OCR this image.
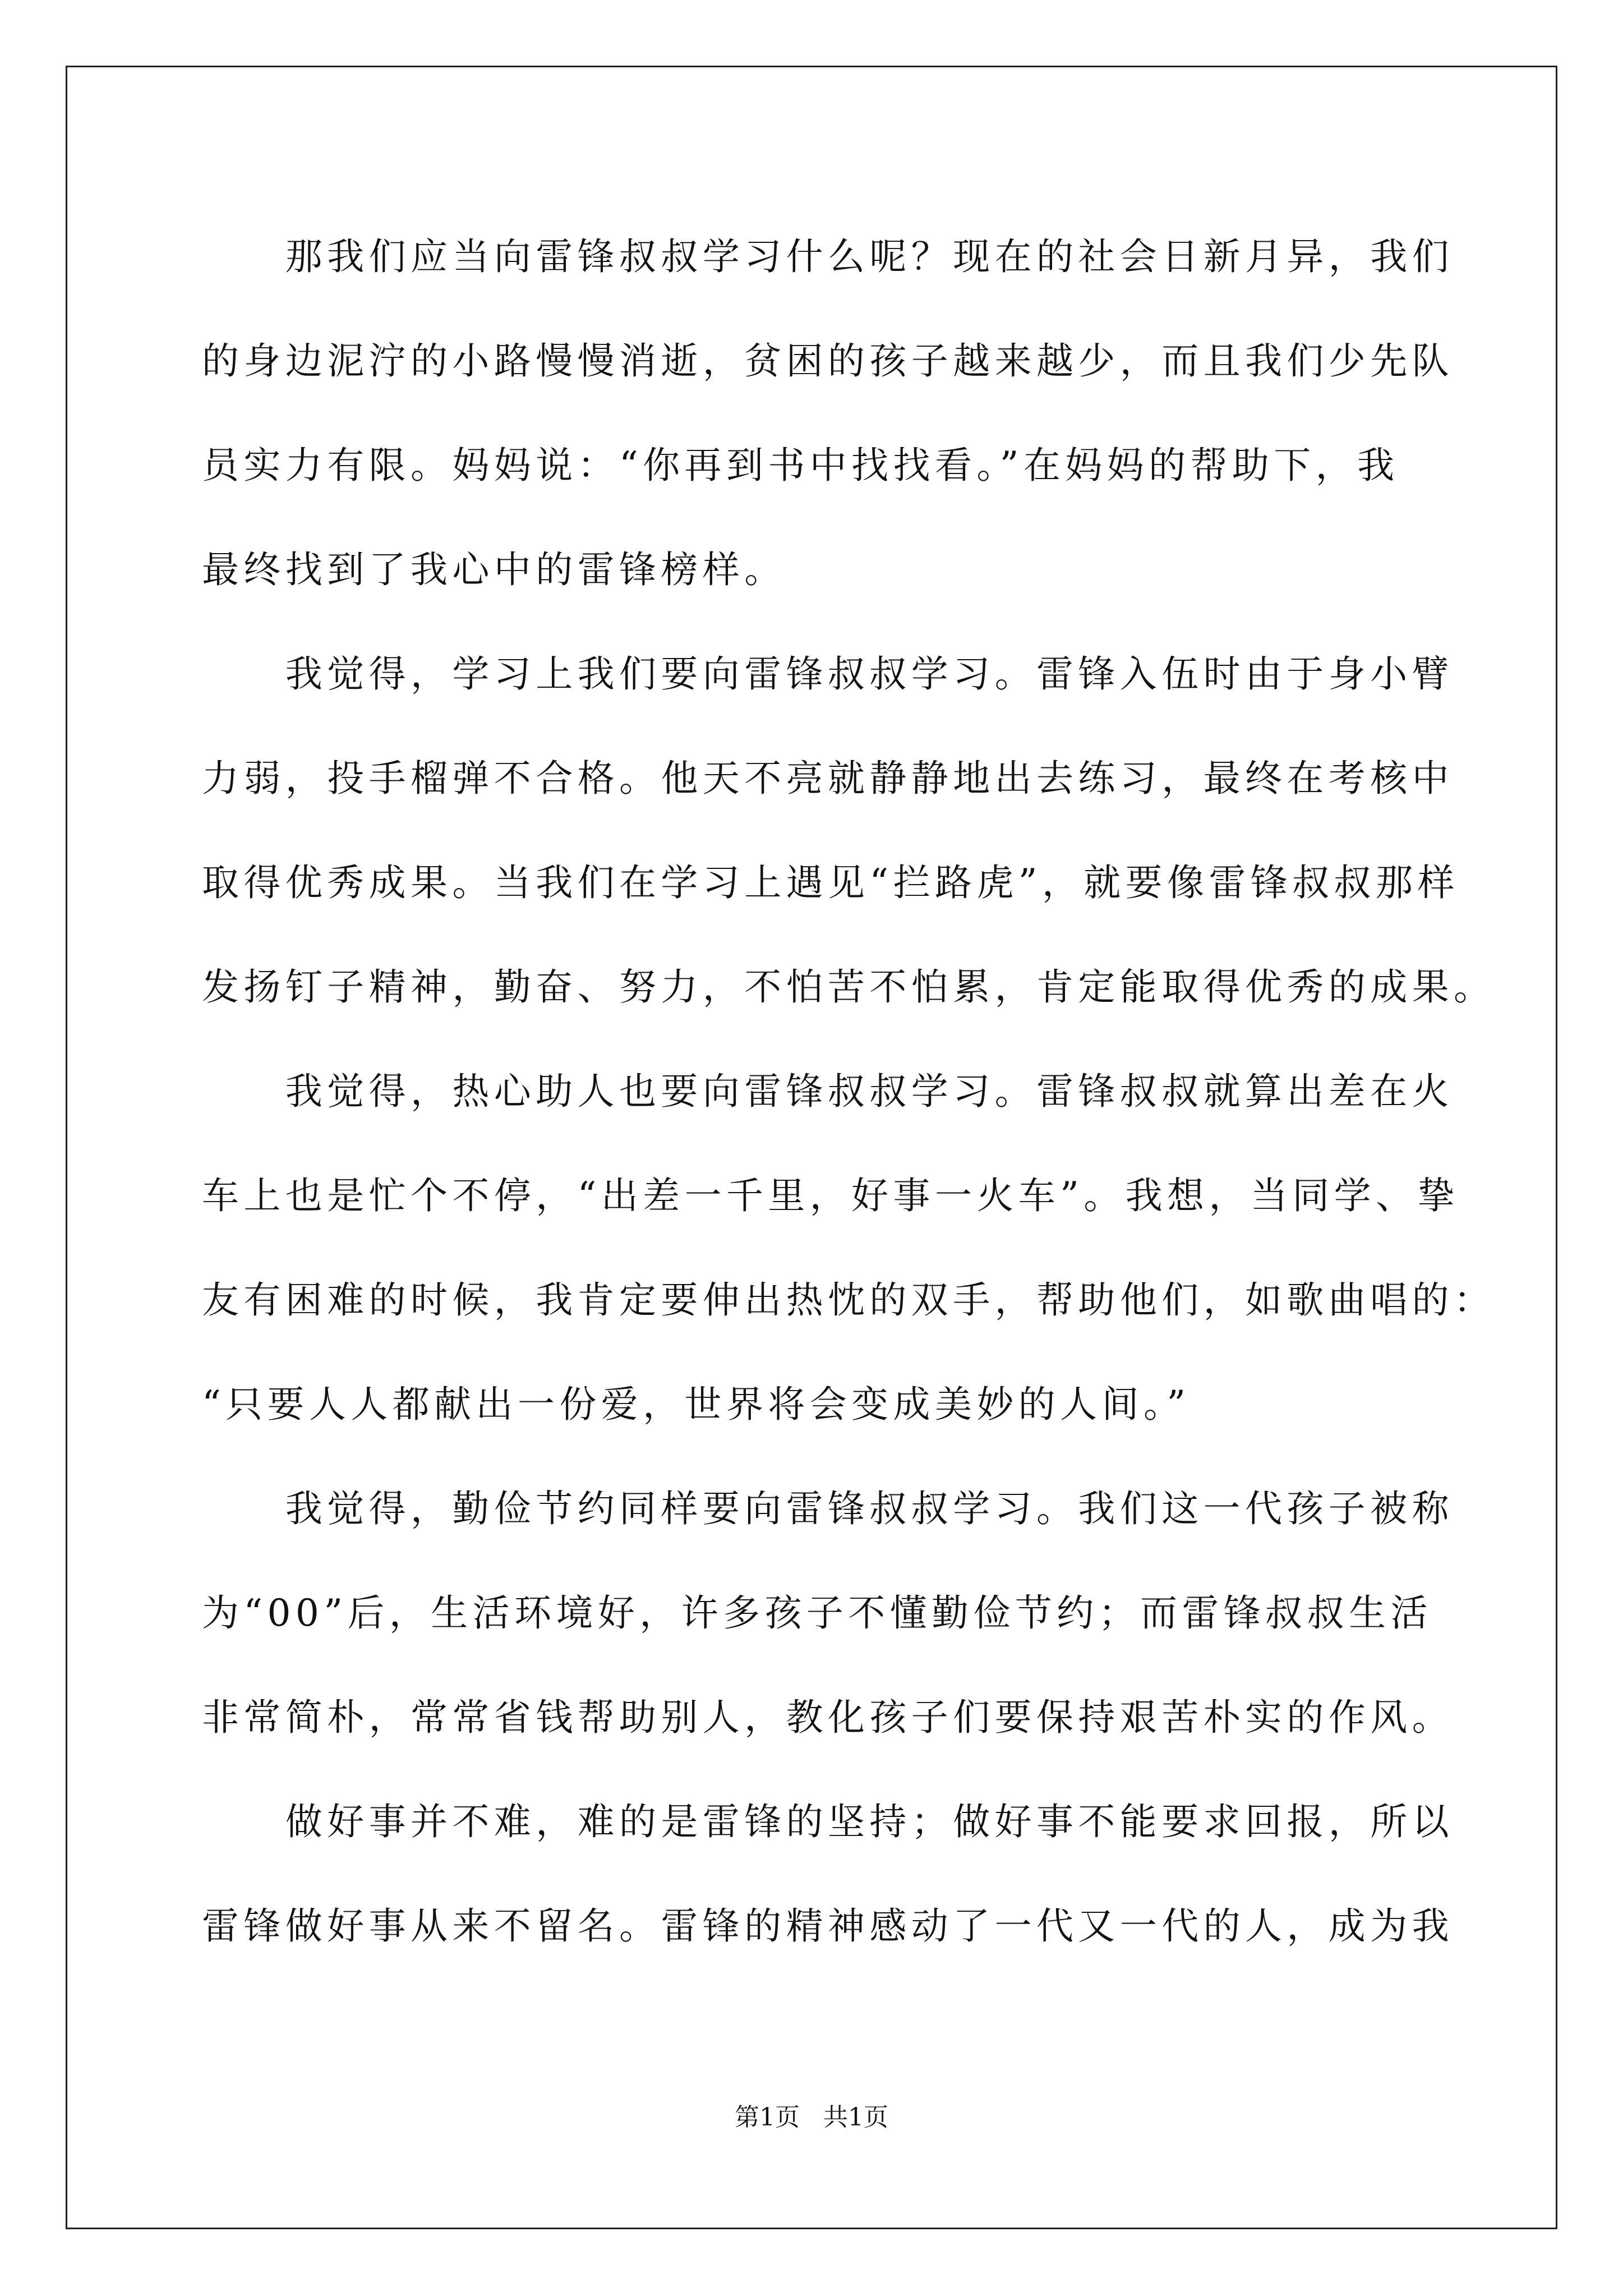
　　那我们应当向雷锋叔叔学习什么呢？现在的社会日新月异，我们
的身边泥泞的小路慢慢消逝，贫困的孩子越来越少，而且我们少先队
员实力有限。妈妈说：“你再到书中找找看。”在妈妈的帮助下，我
最终找到了我心中的雷锋榜样。
　　我觉得，学习上我们要向雷锋叔叔学习。雷锋入伍时由于身小臂
力弱，投手榴弹不合格。他天不亮就静静地出去练习，最终在考核中
取得优秀成果。当我们在学习上遇见“拦路虎”，就要像雷锋叔叔那样
发扬钉子精神，勤奋、努力，不怕苦不怕累，肯定能取得优秀的成果。
　　我觉得，热心助人也要向雷锋叔叔学习。雷锋叔叔就算出差在火
车上也是忙个不停，“出差一千里，好事一火车”。我想，当同学、挚
友有困难的时候，我肯定要伸出热忱的双手，帮助他们，如歌曲唱的：
“只要人人都献出一份爱，世界将会变成美妙的人间。”
　　我觉得，勤俭节约同样要向雷锋叔叔学习。我们这一代孩子被称
为“00”后，生活环境好，许多孩子不懂勤俭节约；而雷锋叔叔生活
非常简朴，常常省钱帮助别人，教化孩子们要保持艰苦朴实的作风。
　　做好事并不难，难的是雷锋的坚持；做好事不能要求回报，所以
雷锋做好事从来不留名。雷锋的精神感动了一代又一代的人，成为我
第1页   共1页
